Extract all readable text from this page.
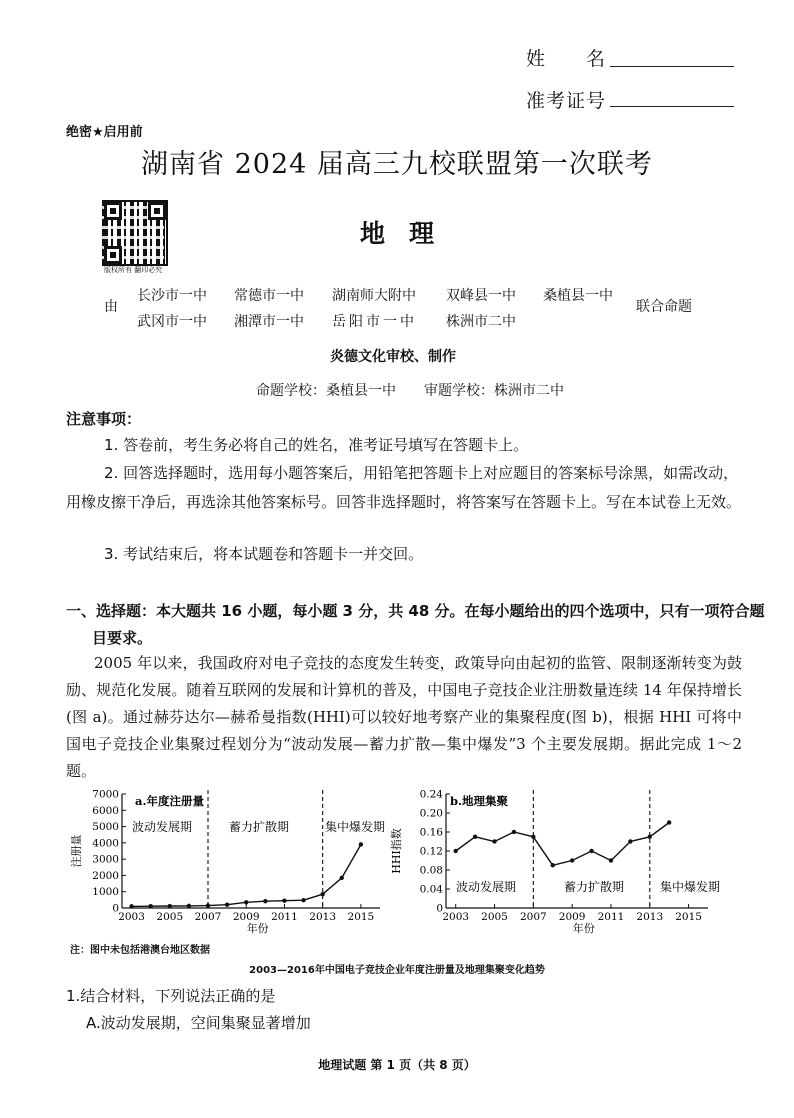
姓　　名
准考证号
绝密★启用前
湖南省 2024 届高三九校联盟第一次联考
版权所有 翻印必究
地理
由
长沙市一中 常德市一中 湖南师大附中 双峰县一中 桑植县一中
武冈市一中 湘潭市一中 岳阳市一中 株洲市二中
联合命题
炎德文化审校、制作
命题学校：桑植县一中 审题学校：株洲市二中
注意事项：
1. 答卷前，考生务必将自己的姓名，准考证号填写在答题卡上。
2. 回答选择题时，选用每小题答案后，用铅笔把答题卡上对应题目的答案标号涂黑，如需改动，用橡皮擦干净后，再选涂其他答案标号。回答非选择题时，将答案写在答题卡上。写在本试卷上无效。
3. 考试结束后，将本试题卷和答题卡一并交回。
一、选择题：本大题共 16 小题，每小题 3 分，共 48 分。在每小题给出的四个选项中，只有一项符合题目要求。
2005 年以来，我国政府对电子竞技的态度发生转变，政策导向由起初的监管、限制逐渐转变为鼓励、规范化发展。随着互联网的发展和计算机的普及，中国电子竞技企业注册数量连续 14 年保持增长(图 a)。通过赫芬达尔—赫希曼指数(HHI)可以较好地考察产业的集聚程度(图 b)，根据 HHI 可将中国电子竞技企业集聚过程划分为“波动发展—蓄力扩散—集中爆发”3 个主要发展期。据此完成 1～2 题。
0
1000
2000
3000
4000
5000
6000
7000
2003 2005 2007 2009 2011 2013 2015
年份
注册量
a.年度注册量
波动发展期	蓄力扩散期	集中爆发期
0
0.04
0.08
0.12
0.16
0.20
0.24
2003 2005 2007 2009 2011 2013 2015
年份
HHI指数
b.地理集聚
波动发展期	蓄力扩散期	集中爆发期
注：图中未包括港澳台地区数据
2003—2016年中国电子竞技企业年度注册量及地理集聚变化趋势
1.结合材料，下列说法正确的是
A.波动发展期，空间集聚显著增加
地理试题 第 1 页（共 8 页）
